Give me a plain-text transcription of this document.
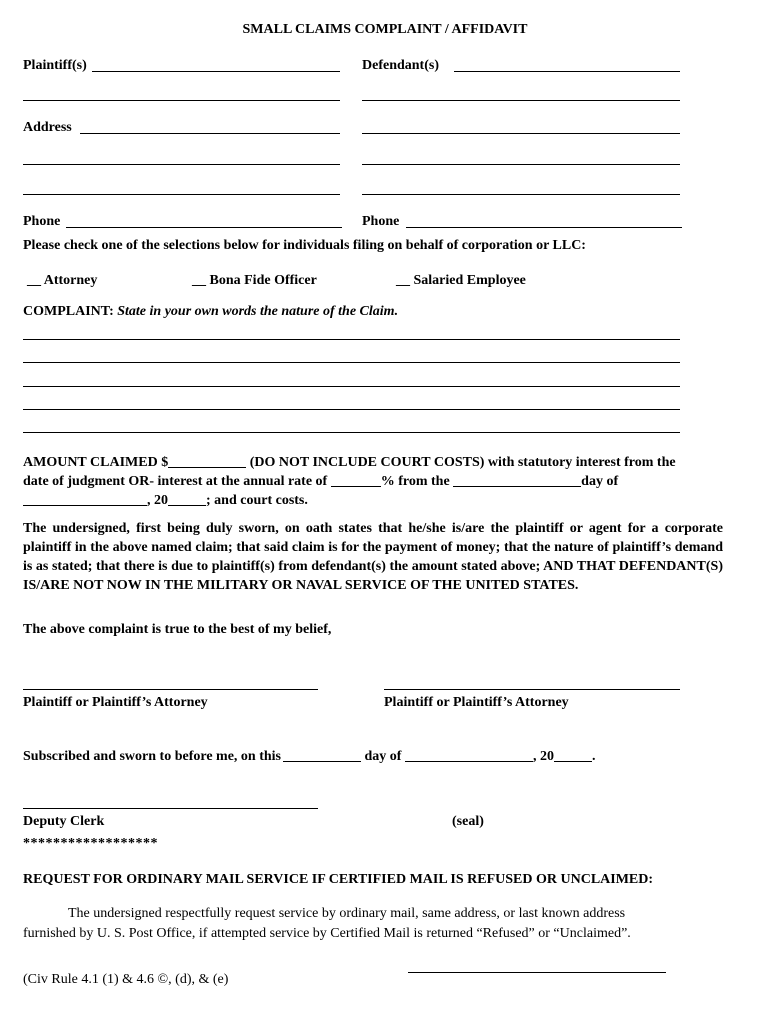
SMALL CLAIMS COMPLAINT / AFFIDAVIT
Plaintiff(s)	Defendant(s)
Address
Phone	Phone
Please check one of the selections below for individuals filing on behalf of corporation or LLC:
__ Attorney	__ Bona Fide Officer	__ Salaried Employee
COMPLAINT: State in your own words the nature of the Claim.
AMOUNT CLAIMED $	(DO NOT INCLUDE COURT COSTS) with statutory interest from the
date of judgment OR- interest at the annual rate of	% from the	day of
, 20	; and court costs.
The undersigned, first being duly sworn, on oath states that he/she is/are the plaintiff or agent for a corporate plaintiff in the above named claim; that said claim is for the payment of money; that the nature of plaintiff’s demand is as stated; that there is due to plaintiff(s) from defendant(s) the amount stated above; AND THAT DEFENDANT(S) IS/ARE NOT NOW IN THE MILITARY OR NAVAL SERVICE OF THE UNITED STATES.
The above complaint is true to the best of my belief,
Plaintiff or Plaintiff’s Attorney	Plaintiff or Plaintiff’s Attorney
Subscribed and sworn to before me, on this	day of	, 20	.
Deputy Clerk	(seal)
******************
REQUEST FOR ORDINARY MAIL SERVICE IF CERTIFIED MAIL IS REFUSED OR UNCLAIMED:
The undersigned respectfully request service by ordinary mail, same address, or last known address
furnished by U. S. Post Office, if attempted service by Certified Mail is returned “Refused” or “Unclaimed”.
(Civ Rule 4.1 (1) & 4.6 ©, (d), & (e)
